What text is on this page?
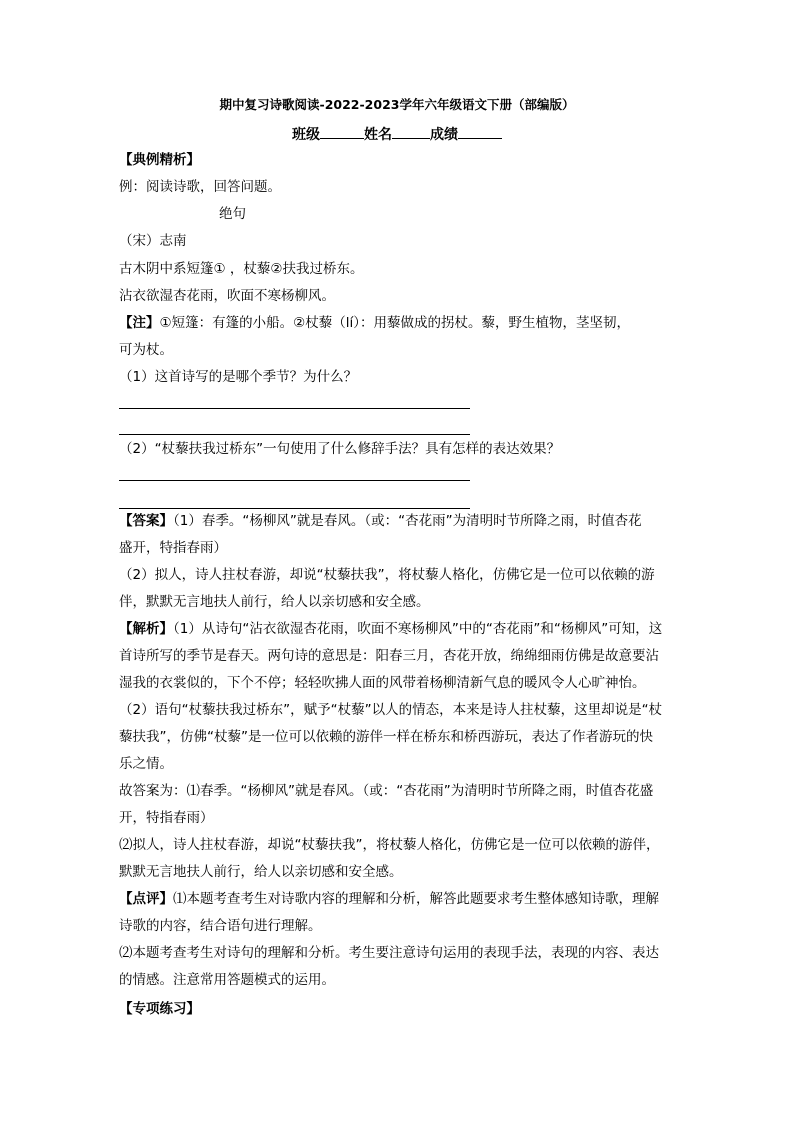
期中复习诗歌阅读-2022-2023学年六年级语文下册（部编版）
班级	姓名	成绩
【典例精析】
例：阅读诗歌，回答问题。
绝句
（宋）志南
古木阴中系短篷① ，杖藜②扶我过桥东。
沾衣欲湿杏花雨，吹面不寒杨柳风。
【注】①短篷：有篷的小船。②杖藜（lí）：用藜做成的拐杖。藜，野生植物，茎坚韧，
可为杖。
（1）这首诗写的是哪个季节？为什么？
（2）“杖藜扶我过桥东”一句使用了什么修辞手法？具有怎样的表达效果？
【答案】（1）春季。“杨柳风”就是春风。（或：“杏花雨”为清明时节所降之雨，时值杏花
盛开，特指春雨）
（2）拟人，诗人拄杖春游，却说“杖藜扶我”，将杖藜人格化，仿佛它是一位可以依赖的游
伴，默默无言地扶人前行，给人以亲切感和安全感。
【解析】（1）从诗句“沾衣欲湿杏花雨，吹面不寒杨柳风”中的“杏花雨”和“杨柳风”可知，这
首诗所写的季节是春天。两句诗的意思是：阳春三月，杏花开放，绵绵细雨仿佛是故意要沾
湿我的衣裳似的，下个不停；轻轻吹拂人面的风带着杨柳清新气息的暖风令人心旷神怡。
（2）语句“杖藜扶我过桥东”，赋予“杖藜”以人的情态，本来是诗人拄杖藜，这里却说是“杖
藜扶我”，仿佛“杖藜”是一位可以依赖的游伴一样在桥东和桥西游玩，表达了作者游玩的快
乐之情。
故答案为：⑴春季。“杨柳风”就是春风。（或：“杏花雨”为清明时节所降之雨，时值杏花盛
开，特指春雨）
⑵拟人，诗人拄杖春游，却说“杖藜扶我”，将杖藜人格化，仿佛它是一位可以依赖的游伴，
默默无言地扶人前行，给人以亲切感和安全感。
【点评】⑴本题考查考生对诗歌内容的理解和分析，解答此题要求考生整体感知诗歌，理解
诗歌的内容，结合语句进行理解。
⑵本题考查考生对诗句的理解和分析。考生要注意诗句运用的表现手法，表现的内容、表达
的情感。注意常用答题模式的运用。
【专项练习】
